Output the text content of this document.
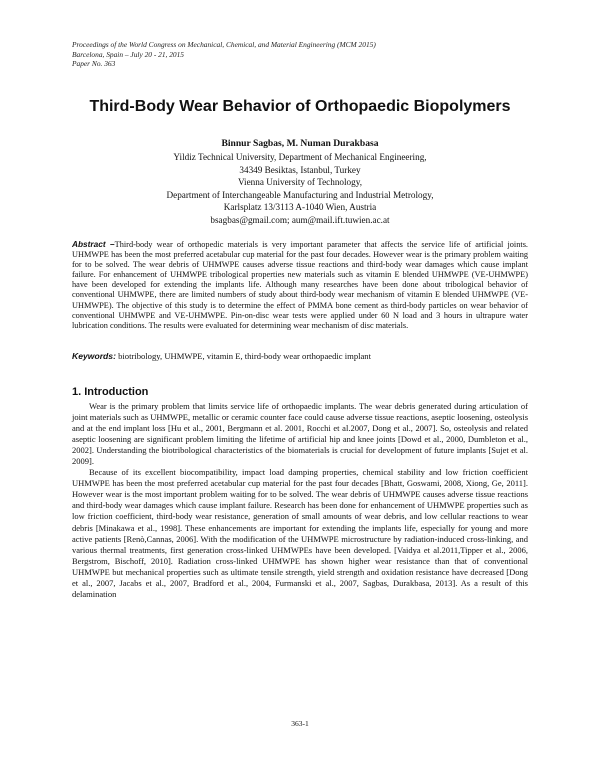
Proceedings of the World Congress on Mechanical, Chemical, and Material Engineering (MCM 2015)
Barcelona, Spain – July 20 - 21, 2015
Paper No. 363
Third-Body Wear Behavior of Orthopaedic Biopolymers
Binnur Sagbas, M. Numan Durakbasa
Yildiz Technical University, Department of Mechanical Engineering,
34349 Besiktas, Istanbul, Turkey
Vienna University of Technology,
Department of Interchangeable Manufacturing and Industrial Metrology,
Karlsplatz 13/3113 A-1040 Wien, Austria
bsagbas@gmail.com; aum@mail.ift.tuwien.ac.at
Abstract –Third-body wear of orthopedic materials is very important parameter that affects the service life of artificial joints. UHMWPE has been the most preferred acetabular cup material for the past four decades. However wear is the primary problem waiting for to be solved. The wear debris of UHMWPE causes adverse tissue reactions and third-body wear damages which cause implant failure. For enhancement of UHMWPE tribological properties new materials such as vitamin E blended UHMWPE (VE-UHMWPE) have been developed for extending the implants life. Although many researches have been done about tribological behavior of conventional UHMWPE, there are limited numbers of study about third-body wear mechanism of vitamin E blended UHMWPE (VE-UHMWPE). The objective of this study is to determine the effect of PMMA bone cement as third-body particles on wear behavior of conventional UHMWPE and VE-UHMWPE. Pin-on-disc wear tests were applied under 60 N load and 3 hours in ultrapure water lubrication conditions. The results were evaluated for determining wear mechanism of disc materials.
Keywords: biotribology, UHMWPE, vitamin E, third-body wear orthopaedic implant
1. Introduction

Wear is the primary problem that limits service life of orthopaedic implants. The wear debris generated during articulation of joint materials such as UHMWPE, metallic or ceramic counter face could cause adverse tissue reactions, aseptic loosening, osteolysis and at the end implant loss [Hu et al., 2001, Bergmann et al. 2001, Rocchi et al.2007, Dong et al., 2007]. So, osteolysis and related aseptic loosening are significant problem limiting the lifetime of artificial hip and knee joints [Dowd et al., 2000, Dumbleton et al., 2002]. Understanding the biotribological characteristics of the biomaterials is crucial for development of future implants [Sujet et al. 2009].

Because of its excellent biocompatibility, impact load damping properties, chemical stability and low friction coefficient UHMWPE has been the most preferred acetabular cup material for the past four decades [Bhatt, Goswami, 2008, Xiong, Ge, 2011]. However wear is the most important problem waiting for to be solved. The wear debris of UHMWPE causes adverse tissue reactions and third-body wear damages which cause implant failure. Research has been done for enhancement of UHMWPE properties such as low friction coefficient, third-body wear resistance, generation of small amounts of wear debris, and low cellular reactions to wear debris [Minakawa et al., 1998]. These enhancements are important for extending the implants life, especially for young and more active patients [Renò,Cannas, 2006]. With the modification of the UHMWPE microstructure by radiation-induced cross-linking, and various thermal treatments, first generation cross-linked UHMWPEs have been developed. [Vaidya et al.2011,Tipper et al., 2006, Bergstrom, Bischoff, 2010]. Radiation cross-linked UHMWPE has shown higher wear resistance than that of conventional UHMWPE but mechanical properties such as ultimate tensile strength, yield strength and oxidation resistance have decreased [Dong et al., 2007, Jacabs et al., 2007, Bradford et al., 2004, Furmanski et al., 2007, Sagbas, Durakbasa, 2013]. As a result of this delamination

363-1
